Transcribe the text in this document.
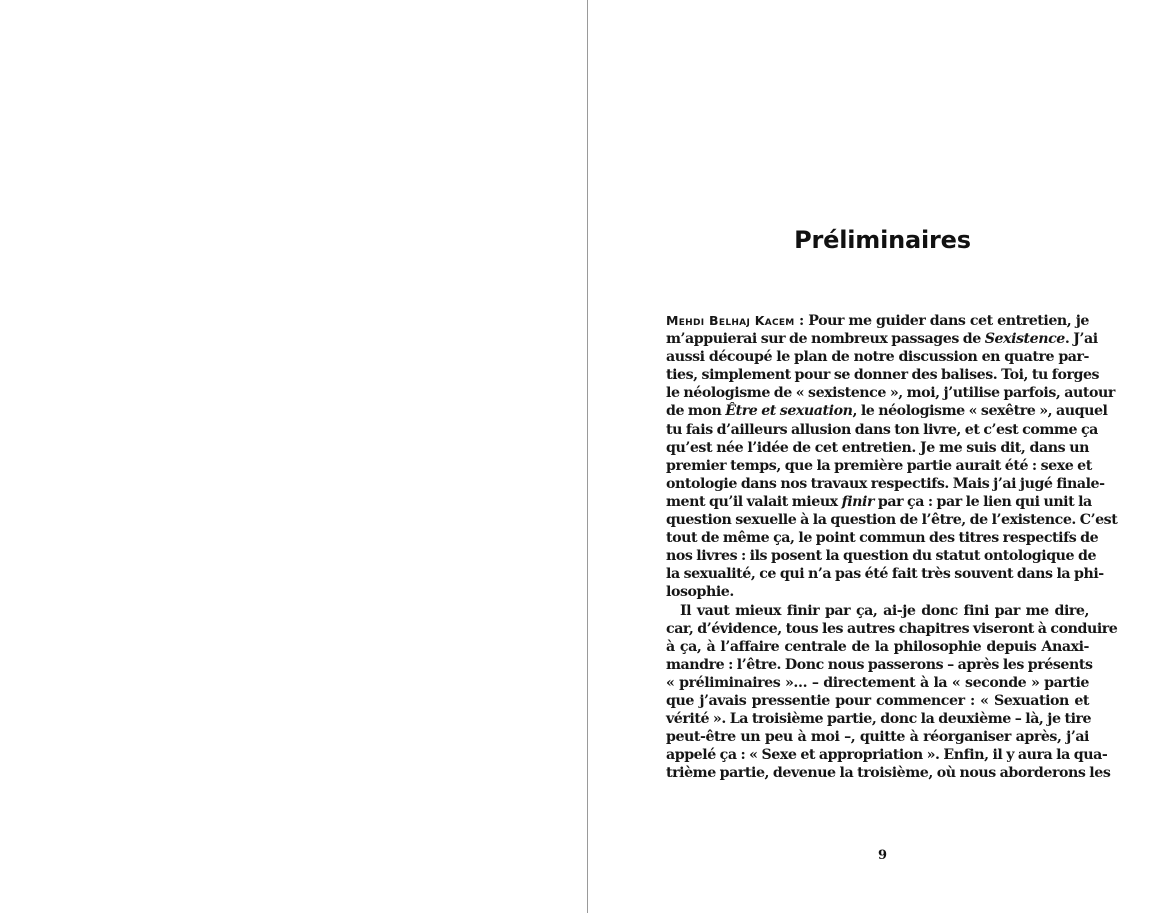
Préliminaires
Mehdi Belhaj Kacem : Pour me guider dans cet entretien, je
m’appuierai sur de nombreux passages de Sexistence. J’ai
aussi découpé le plan de notre discussion en quatre par-
ties, simplement pour se donner des balises. Toi, tu forges
le néologisme de « sexistence », moi, j’utilise parfois, autour
de mon Être et sexuation, le néologisme « sexêtre », auquel
tu fais d’ailleurs allusion dans ton livre, et c’est comme ça
qu’est née l’idée de cet entretien. Je me suis dit, dans un
premier temps, que la première partie aurait été : sexe et
ontologie dans nos travaux respectifs. Mais j’ai jugé finale-
ment qu’il valait mieux finir par ça : par le lien qui unit la
question sexuelle à la question de l’être, de l’existence. C’est
tout de même ça, le point commun des titres respectifs de
nos livres : ils posent la question du statut ontologique de
la sexualité, ce qui n’a pas été fait très souvent dans la phi-
losophie.
Il vaut mieux finir par ça, ai-je donc fini par me dire,
car, d’évidence, tous les autres chapitres viseront à conduire
à ça, à l’affaire centrale de la philosophie depuis Anaxi-
mandre : l’être. Donc nous passerons – après les présents
« préliminaires »… – directement à la « seconde » partie
que j’avais pressentie pour commencer : « Sexuation et
vérité ». La troisième partie, donc la deuxième – là, je tire
peut-être un peu à moi –, quitte à réorganiser après, j’ai
appelé ça : « Sexe et appropriation ». Enfin, il y aura la qua-
trième partie, devenue la troisième, où nous aborderons les
9
